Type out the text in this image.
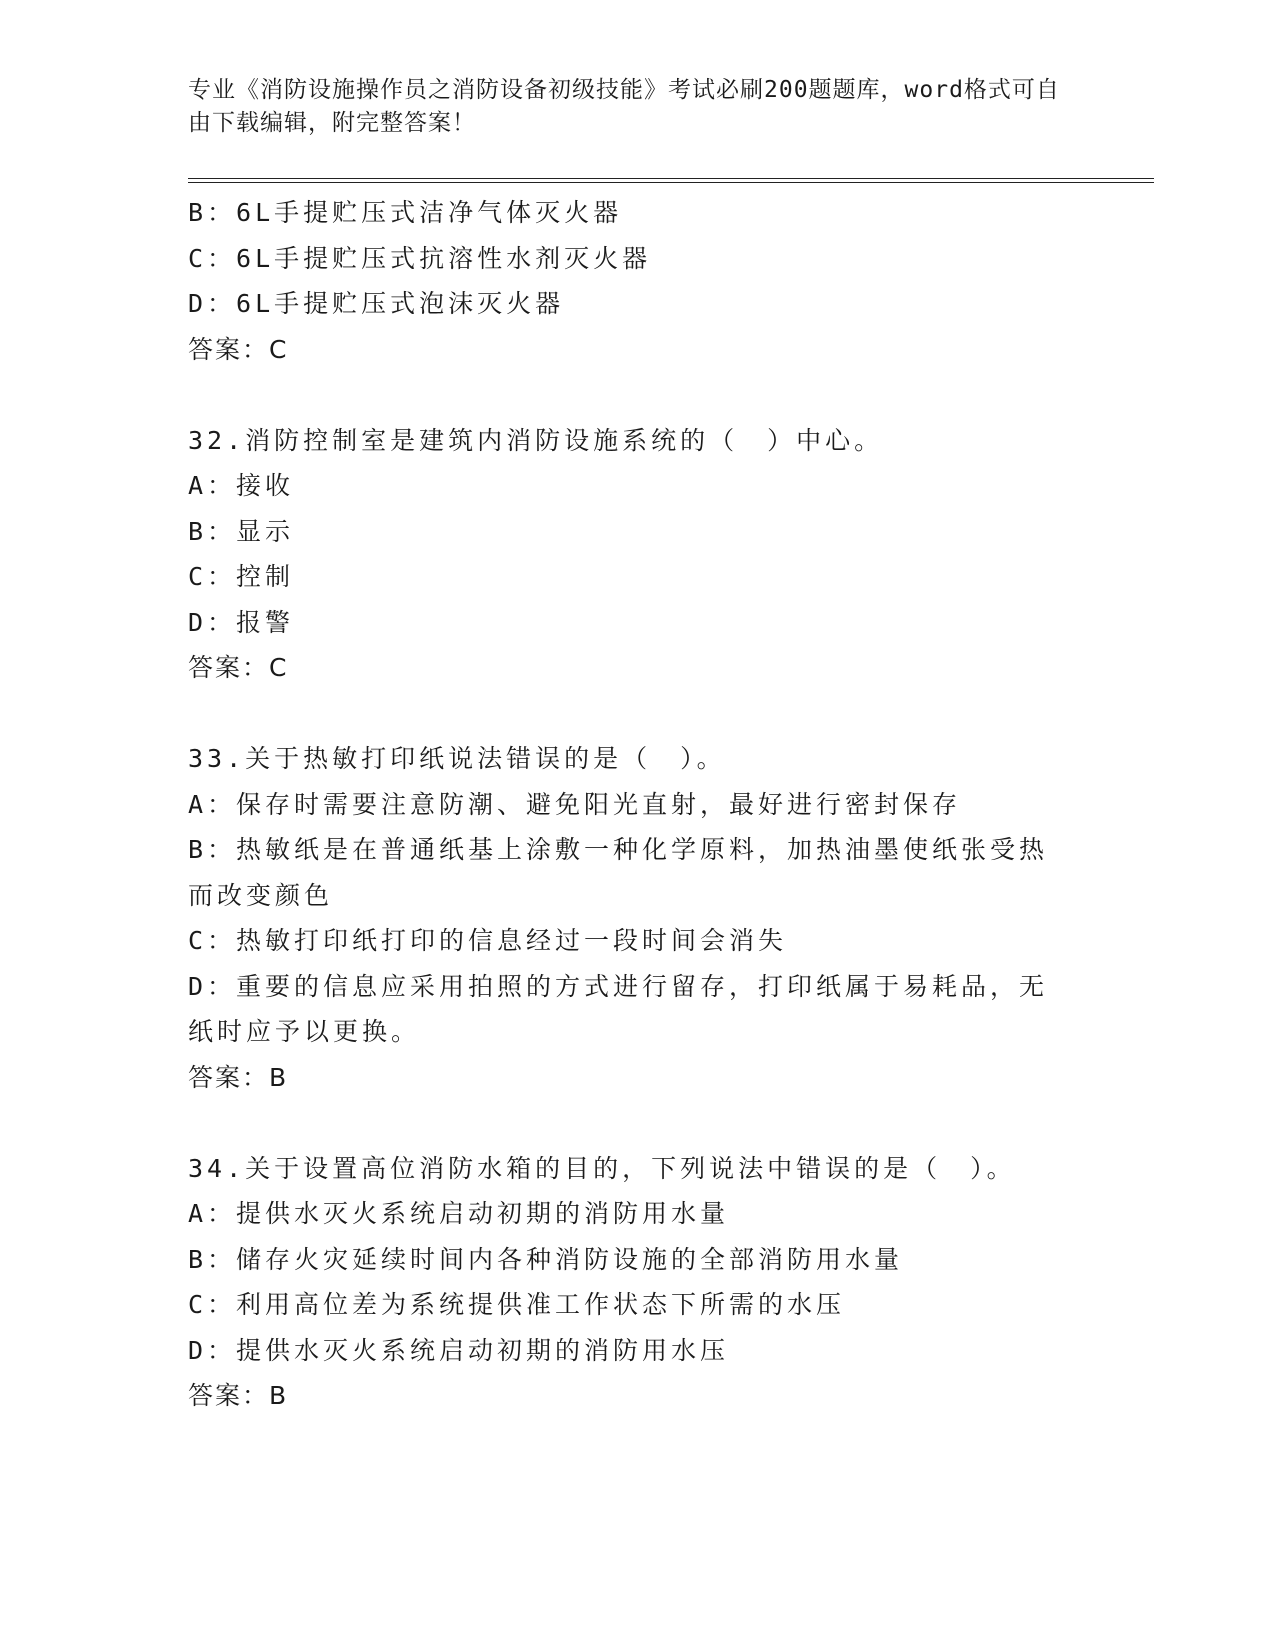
专业《消防设施操作员之消防设备初级技能》考试必刷200题题库，word格式可自由下载编辑，附完整答案！
B：6L手提贮压式洁净气体灭火器
C：6L手提贮压式抗溶性水剂灭火器
D：6L手提贮压式泡沫灭火器
答案：C
32.消防控制室是建筑内消防设施系统的（　）中心。
A：接收
B：显示
C：控制
D：报警
答案：C
33.关于热敏打印纸说法错误的是（　）。
A：保存时需要注意防潮、避免阳光直射，最好进行密封保存
B：热敏纸是在普通纸基上涂敷一种化学原料，加热油墨使纸张受热而改变颜色
C：热敏打印纸打印的信息经过一段时间会消失
D：重要的信息应采用拍照的方式进行留存，打印纸属于易耗品，无纸时应予以更换。
答案：B
34.关于设置高位消防水箱的目的，下列说法中错误的是（　）。
A：提供水灭火系统启动初期的消防用水量
B：储存火灾延续时间内各种消防设施的全部消防用水量
C：利用高位差为系统提供准工作状态下所需的水压
D：提供水灭火系统启动初期的消防用水压
答案：B
